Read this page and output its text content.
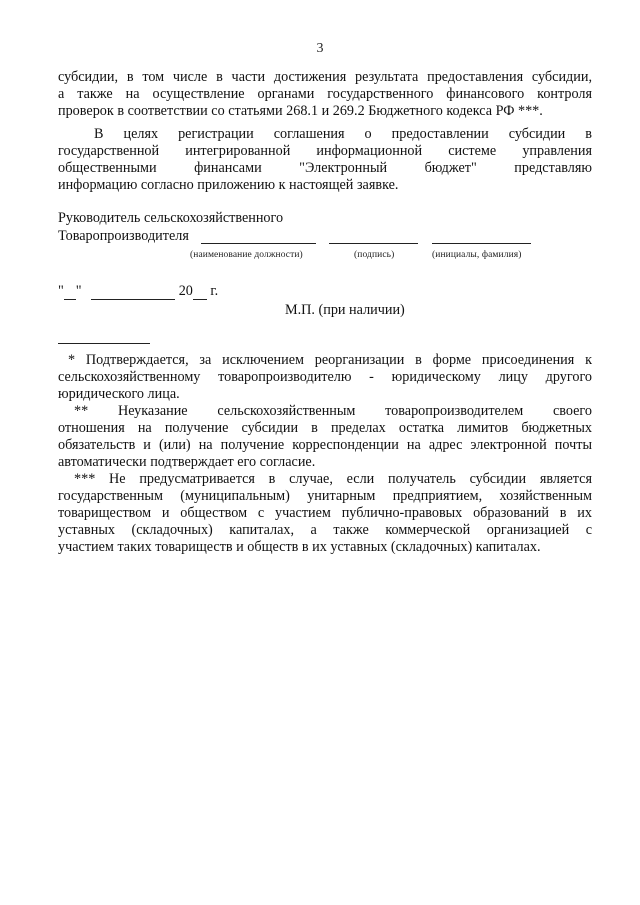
3
субсидии, в том числе в части достижения результата предоставления субсидии,
а также на осуществление органами государственного финансового контроля
проверок в соответствии со статьями 268.1 и 269.2 Бюджетного кодекса РФ ***.
В целях регистрации соглашения о предоставлении субсидии в
государственной интегрированной информационной системе управления
общественными финансами "Электронный бюджет" представляю
информацию согласно приложению к настоящей заявке.
Руководитель сельскохозяйственного
Товаропроизводителя
(наименование должности)	(подпись)	(инициалы, фамилия)
" "	20 г.
М.П. (при наличии)
* Подтверждается, за исключением реорганизации в форме присоединения к
сельскохозяйственному товаропроизводителю - юридическому лицу другого
юридического лица.
** Неуказание сельскохозяйственным товаропроизводителем своего
отношения на получение субсидии в пределах остатка лимитов бюджетных
обязательств и (или) на получение корреспонденции на адрес электронной почты
автоматически подтверждает его согласие.
*** Не предусматривается в случае, если получатель субсидии является
государственным (муниципальным) унитарным предприятием, хозяйственным
товариществом и обществом с участием публично-правовых образований в их
уставных (складочных) капиталах, а также коммерческой организацией с
участием таких товариществ и обществ в их уставных (складочных) капиталах.
